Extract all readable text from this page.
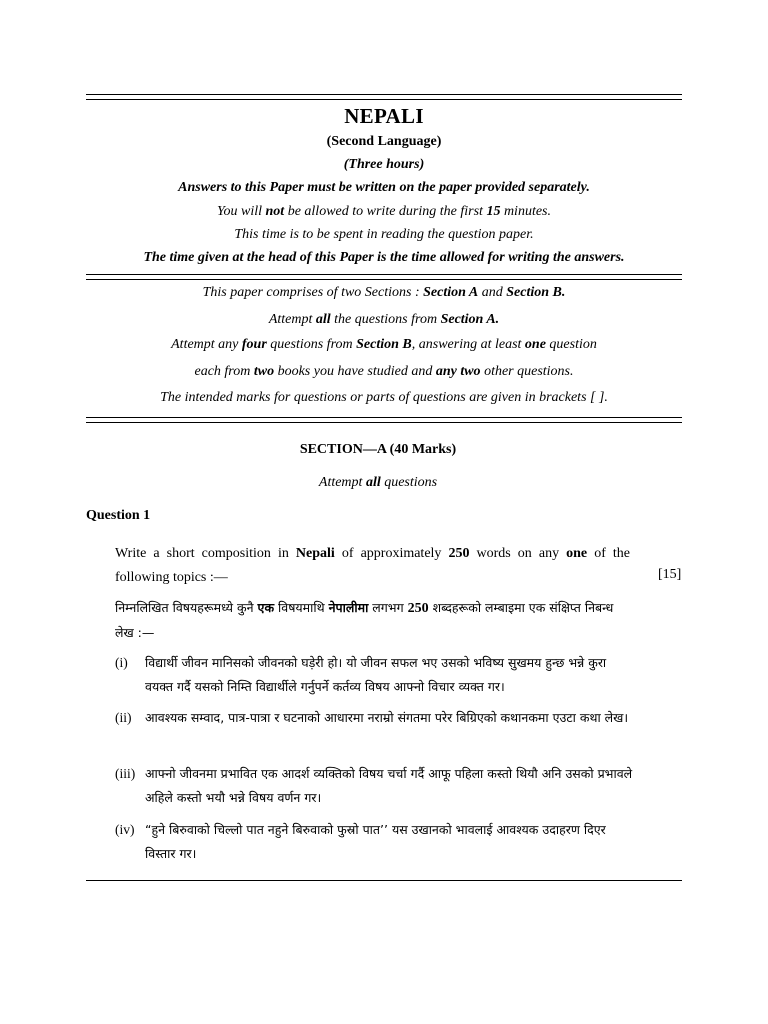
NEPALI
(Second Language)
(Three hours)
Answers to this Paper must be written on the paper provided separately.
You will not be allowed to write during the first 15 minutes.
This time is to be spent in reading the question paper.
The time given at the head of this Paper is the time allowed for writing the answers.
This paper comprises of two Sections : Section A and Section B.
Attempt all the questions from Section A.
Attempt any four questions from Section B, answering at least one question
each from two books you have studied and any two other questions.
The intended marks for questions or parts of questions are given in brackets [ ].
SECTION—A (40 Marks)
Attempt all questions
Question 1
Write a short composition in Nepali of approximately 250 words on any one of the following topics :—	[15]
निम्नलिखित विषयहरूमध्ये कुनै एक विषयमाथि नेपालीमा लगभग 250 शब्दहरूको लम्बाइमा एक संक्षिप्त निबन्ध लेख :—
(i) विद्यार्थी जीवन मानिसको जीवनको घड़ेरी हो। यो जीवन सफल भए उसको भविष्य सुखमय हुन्छ भन्ने कुरा वयक्त गर्दै यसको निम्ति विद्यार्थीले गर्नुपर्ने कर्तव्य विषय आफ्नो विचार व्यक्त गर।
(ii) आवश्यक सम्वाद, पात्र-पात्रा र घटनाको आधारमा नराम्रो संगतमा परेर बिग्रिएको कथानकमा एउटा कथा लेख।
(iii) आफ्नो जीवनमा प्रभावित एक आदर्श व्यक्तिको विषय चर्चा गर्दै आफू पहिला कस्तो थियौ अनि उसको प्रभावले अहिले कस्तो भयौ भन्ने विषय वर्णन गर।
(iv) “हुने बिरुवाको चिल्लो पात नहुने बिरुवाको फुस्रो पात’’ यस उखानको भावलाई आवश्यक उदाहरण दिएर विस्तार गर।
